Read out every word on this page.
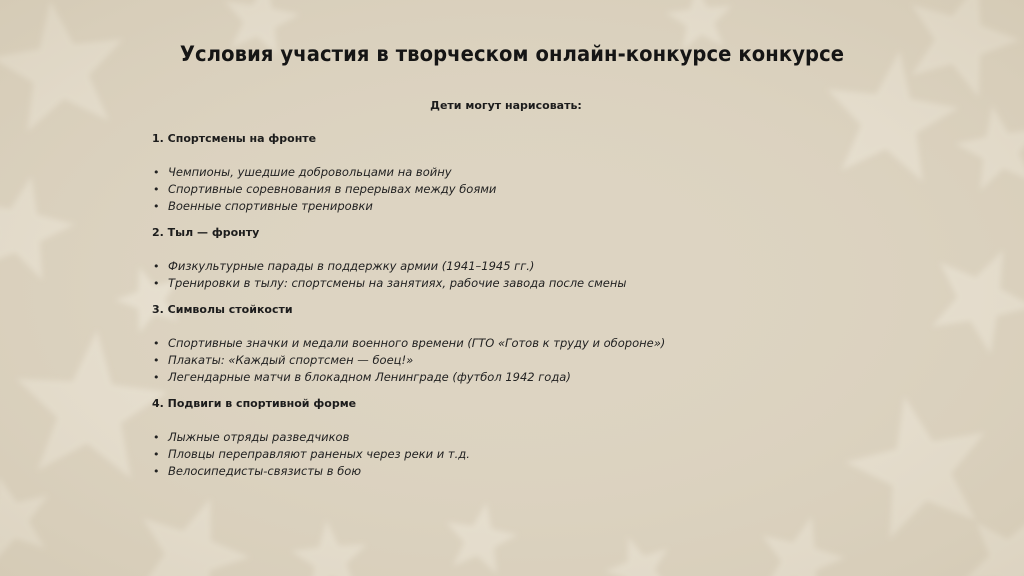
Условия участия в творческом онлайн-конкурсе конкурсе
Дети могут нарисовать:
1. Спортсмены на фронте
• Чемпионы, ушедшие добровольцами на войну
• Спортивные соревнования в перерывах между боями
• Военные спортивные тренировки
2. Тыл — фронту
• Физкультурные парады в поддержку армии (1941–1945 гг.)
• Тренировки в тылу: спортсмены на занятиях, рабочие завода после смены
3. Символы стойкости
• Спортивные значки и медали военного времени (ГТО «Готов к труду и обороне»)
• Плакаты: «Каждый спортсмен — боец!»
• Легендарные матчи в блокадном Ленинграде (футбол 1942 года)
4. Подвиги в спортивной форме
• Лыжные отряды разведчиков
• Пловцы переправляют раненых через реки и т.д.
• Велосипедисты-связисты в бою
